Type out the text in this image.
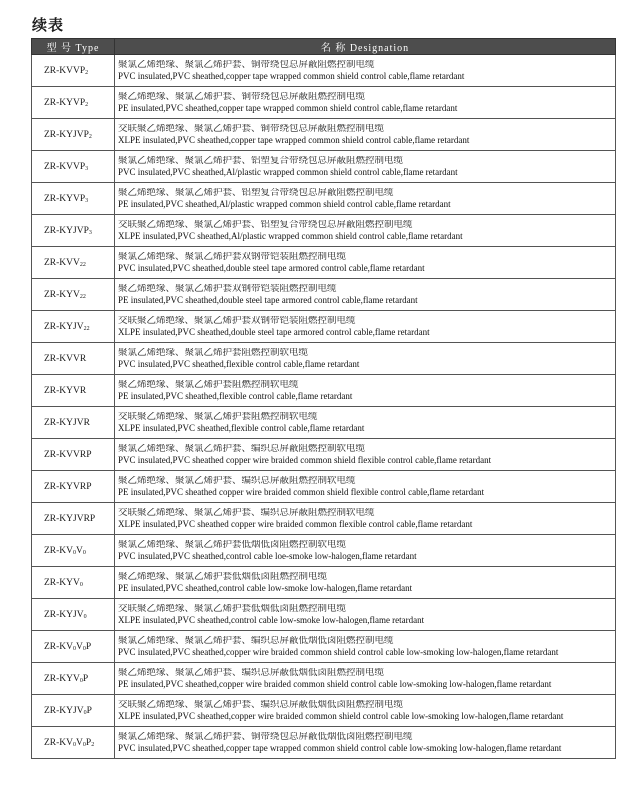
续表
型 号 Type	名 称 Designation
$ZR-KVVP_2$	聚氯乙烯绝缘、聚氯乙烯护套、铜带绕包总屏蔽阻燃控制电缆
PVC insulated,PVC sheathed,copper tape wrapped common shield control cable,flame retardant

$ZR-KYVP_2$	聚乙烯绝缘、聚氯乙烯护套、铜带绕包总屏蔽阻燃控制电缆
PE insulated,PVC sheathed,copper tape wrapped common shield control cable,flame retardant

$ZR-KYJVP_2$	交联聚乙烯绝缘、聚氯乙烯护套、铜带绕包总屏蔽阻燃控制电缆
XLPE insulated,PVC sheathed,copper tape wrapped common shield control cable,flame retardant

$ZR-KVVP_3$	聚氯乙烯绝缘、聚氯乙烯护套、铝塑复合带绕包总屏蔽阻燃控制电缆
PVC insulated,PVC sheathed,Al/plastic wrapped common shield control cable,flame retardant

$ZR-KYVP_3$	聚乙烯绝缘、聚氯乙烯护套、铝塑复合带绕包总屏蔽阻燃控制电缆
PE insulated,PVC sheathed,Al/plastic wrapped common shield control cable,flame retardant

$ZR-KYJVP_3$	交联聚乙烯绝缘、聚氯乙烯护套、铝塑复合带绕包总屏蔽阻燃控制电缆
XLPE insulated,PVC sheathed,Al/plastic wrapped common shield control cable,flame retardant

$ZR-KVV_{22}$	聚氯乙烯绝缘、聚氯乙烯护套双钢带铠装阻燃控制电缆
PVC insulated,PVC sheathed,double steel tape armored control cable,flame retardant

$ZR-KYV_{22}$	聚乙烯绝缘、聚氯乙烯护套双钢带铠装阻燃控制电缆
PE insulated,PVC sheathed,double steel tape armored control cable,flame retardant

$ZR-KYJV_{22}$	交联聚乙烯绝缘、聚氯乙烯护套双钢带铠装阻燃控制电缆
XLPE insulated,PVC sheathed,double steel tape armored control cable,flame retardant

ZR-KVVR	聚氯乙烯绝缘、聚氯乙烯护套阻燃控制软电缆
PVC insulated,PVC sheathed,flexible control cable,flame retardant

ZR-KYVR	聚乙烯绝缘、聚氯乙烯护套阻燃控制软电缆
PE insulated,PVC sheathed,flexible control cable,flame retardant

ZR-KYJVR	交联聚乙烯绝缘、聚氯乙烯护套阻燃控制软电缆
XLPE insulated,PVC sheathed,flexible control cable,flame retardant

ZR-KVVRP	聚氯乙烯绝缘、聚氯乙烯护套、编织总屏蔽阻燃控制软电缆
PVC insulated,PVC sheathed copper wire braided common shield flexible control cable,flame retardant

ZR-KYVRP	聚乙烯绝缘、聚氯乙烯护套、编织总屏蔽阻燃控制软电缆
PE insulated,PVC sheathed copper wire braided common shield flexible control cable,flame retardant

ZR-KYJVRP	交联聚乙烯绝缘、聚氯乙烯护套、编织总屏蔽阻燃控制软电缆
XLPE insulated,PVC sheathed copper wire braided common flexible control cable,flame retardant

$ZR-KV_0V_0$	聚氯乙烯绝缘、聚氯乙烯护套低烟低卤阻燃控制软电缆
PVC insulated,PVC sheathed,control cable loe-smoke low-halogen,flame retardant

$ZR-KYV_0$	聚乙烯绝缘、聚氯乙烯护套低烟低卤阻燃控制电缆
PE insulated,PVC sheathed,control cable low-smoke low-halogen,flame retardant

$ZR-KYJV_0$	交联聚乙烯绝缘、聚氯乙烯护套低烟低卤阻燃控制电缆
XLPE insulated,PVC sheathed,control cable low-smoke low-halogen,flame retardant

$ZR-KV_0V_0P$	聚氯乙烯绝缘、聚氯乙烯护套、编织总屏蔽低烟低卤阻燃控制电缆
PVC insulated,PVC sheathed,copper wire braided common shield control cable low-smoking low-halogen,flame retardant

$ZR-KYV_0P$	聚乙烯绝缘、聚氯乙烯护套、编织总屏蔽低烟低卤阻燃控制电缆
PE insulated,PVC sheathed,copper wire braided common shield control cable low-smoking low-halogen,flame retardant

$ZR-KYJV_0P$	交联聚乙烯绝缘、聚氯乙烯护套、编织总屏蔽低烟低卤阻燃控制电缆
XLPE insulated,PVC sheathed,copper wire braided common shield control cable low-smoking low-halogen,flame retardant

$ZR-KV_0V_0P_2$	聚氯乙烯绝缘、聚氯乙烯护套、铜带绕包总屏蔽低烟低卤阻燃控制电缆
PVC insulated,PVC sheathed,copper tape wrapped common shield control cable low-smoking low-halogen,flame retardant
